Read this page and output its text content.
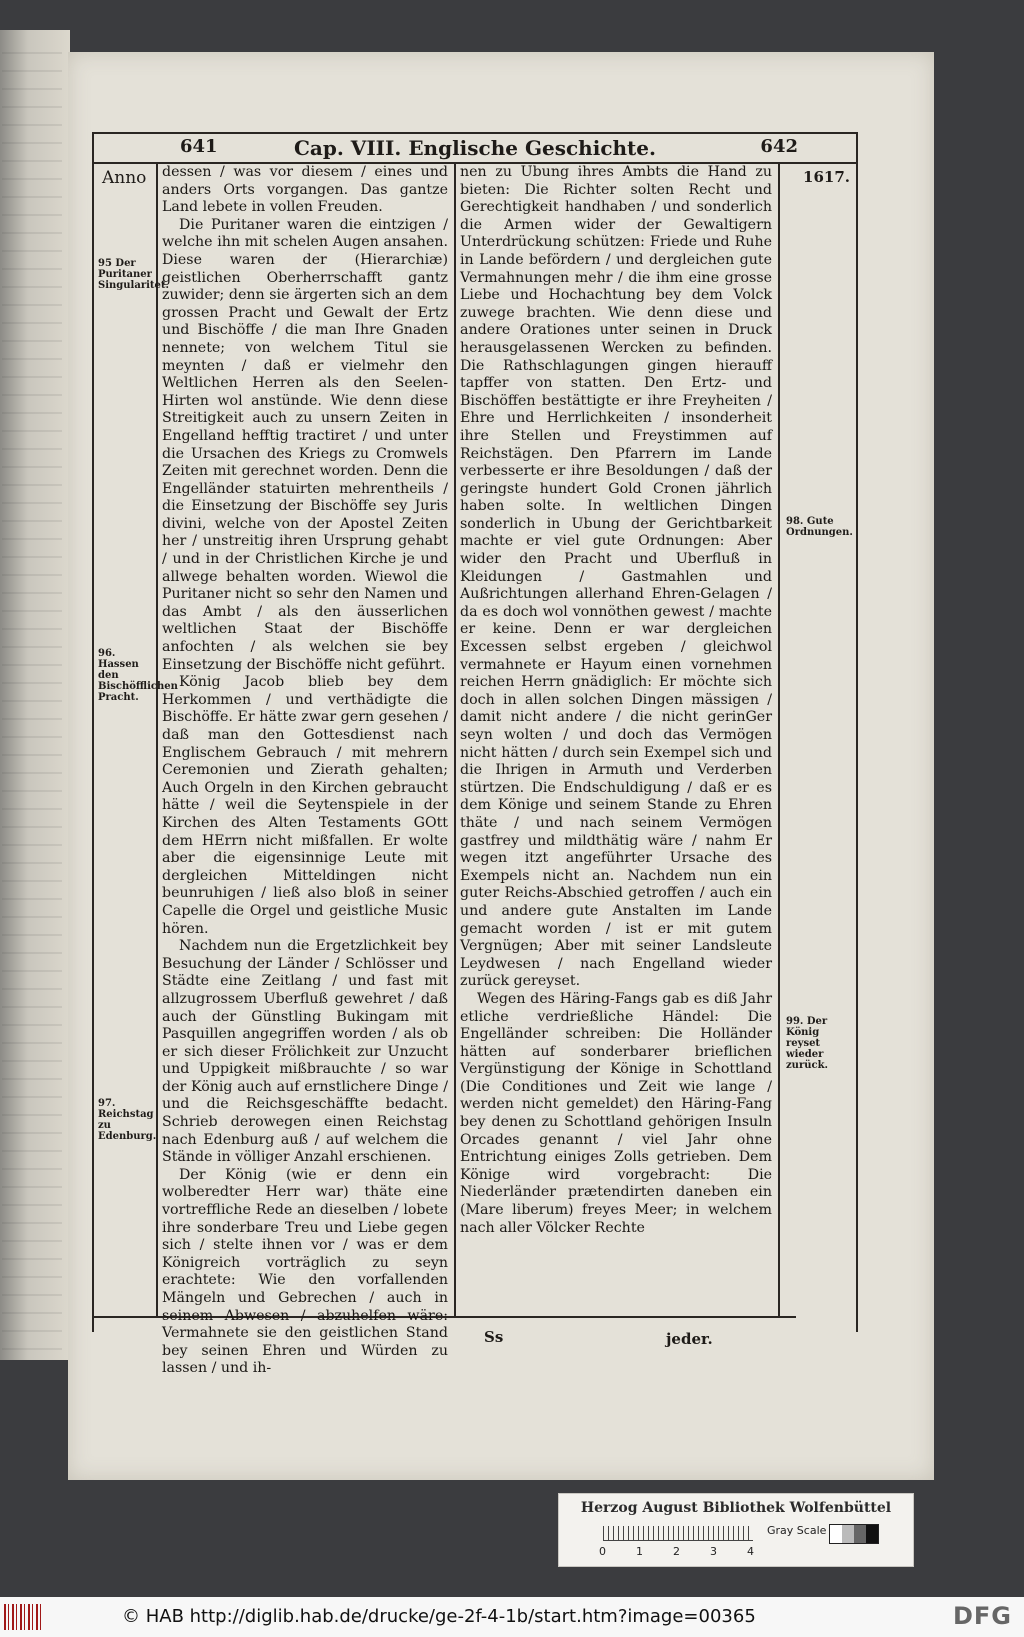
641	Cap. VIII. Englische Geschichte.	642
Anno	1617.
95 Der Puritaner Singularitet.
96. Hassen den Bischöfflichen Pracht.
97. Reichstag zu Edenburg.
98. Gute Ordnungen.
99. Der König reyset wieder zurück.

dessen / was vor diesem / eines und anders Orts vorgangen. Das gantze Land lebete in vollen Freuden.

Die Puritaner waren die eintzigen / welche ihn mit schelen Augen ansahen. Diese waren der (Hierarchiæ) geistlichen Oberherrschafft gantz zuwider; denn sie ärgerten sich an dem grossen Pracht und Gewalt der Ertz und Bischöffe / die man Ihre Gnaden nennete; von welchem Titul sie meynten / daß er vielmehr den Weltlichen Herren als den Seelen-Hirten wol anstünde. Wie denn diese Streitigkeit auch zu unsern Zeiten in Engelland hefftig tractiret / und unter die Ursachen des Kriegs zu Cromwels Zeiten mit gerechnet worden. Denn die Engelländer statuirten mehrentheils / die Einsetzung der Bischöffe sey Juris divini, welche von der Apostel Zeiten her / unstreitig ihren Ursprung gehabt / und in der Christlichen Kirche je und allwege behalten worden. Wiewol die Puritaner nicht so sehr den Namen und das Ambt / als den äusserlichen weltlichen Staat der Bischöffe anfochten / als welchen sie bey Einsetzung der Bischöffe nicht geführt.

König Jacob blieb bey dem Herkommen / und verthädigte die Bischöffe. Er hätte zwar gern gesehen / daß man den Gottesdienst nach Englischem Gebrauch / mit mehrern Ceremonien und Zierath gehalten; Auch Orgeln in den Kirchen gebraucht hätte / weil die Seytenspiele in der Kirchen des Alten Testaments GOtt dem HErrn nicht mißfallen. Er wolte aber die eigensinnige Leute mit dergleichen Mitteldingen nicht beunruhigen / ließ also bloß in seiner Capelle die Orgel und geistliche Music hören.

Nachdem nun die Ergetzlichkeit bey Besuchung der Länder / Schlösser und Städte eine Zeitlang / und fast mit allzugrossem Uberfluß gewehret / daß auch der Günstling Bukingam mit Pasquillen angegriffen worden / als ob er sich dieser Frölichkeit zur Unzucht und Uppigkeit mißbrauchte / so war der König auch auf ernstlichere Dinge / und die Reichsgeschäffte bedacht. Schrieb derowegen einen Reichstag nach Edenburg auß / auf welchem die Stände in völliger Anzahl erschienen.

Der König (wie er denn ein wolberedter Herr war) thäte eine vortreffliche Rede an dieselben / lobete ihre sonderbare Treu und Liebe gegen sich / stelte ihnen vor / was er dem Königreich vorträglich zu seyn erachtete: Wie den vorfallenden Mängeln und Gebrechen / auch in seinem Abwesen / abzuhelfen wäre: Vermahnete sie den geistlichen Stand bey seinen Ehren und Würden zu lassen / und ih-

nen zu Ubung ihres Ambts die Hand zu bieten: Die Richter solten Recht und Gerechtigkeit handhaben / und sonderlich die Armen wider der Gewaltigern Unterdrückung schützen: Friede und Ruhe in Lande befördern / und dergleichen gute Vermahnungen mehr / die ihm eine grosse Liebe und Hochachtung bey dem Volck zuwege brachten. Wie denn diese und andere Orationes unter seinen in Druck herausgelassenen Wercken zu befinden. Die Rathschlagungen gingen hierauff tapffer von statten. Den Ertz- und Bischöffen bestättigte er ihre Freyheiten / Ehre und Herrlichkeiten / insonderheit ihre Stellen und Freystimmen auf Reichstägen. Den Pfarrern im Lande verbesserte er ihre Besoldungen / daß der geringste hundert Gold Cronen jährlich haben solte. In weltlichen Dingen sonderlich in Ubung der Gerichtbarkeit machte er viel gute Ordnungen: Aber wider den Pracht und Uberfluß in Kleidungen / Gastmahlen und Außrichtungen allerhand Ehren-Gelagen / da es doch wol vonnöthen gewest / machte er keine. Denn er war dergleichen Excessen selbst ergeben / gleichwol vermahnete er Hayum einen vornehmen reichen Herrn gnädiglich: Er möchte sich doch in allen solchen Dingen mässigen / damit nicht andere / die nicht gerinGer seyn wolten / und doch das Vermögen nicht hätten / durch sein Exempel sich und die Ihrigen in Armuth und Verderben stürtzen. Die Endschuldigung / daß er es dem Könige und seinem Stande zu Ehren thäte / und nach seinem Vermögen gastfrey und mildthätig wäre / nahm Er wegen itzt angeführter Ursache des Exempels nicht an. Nachdem nun ein guter Reichs-Abschied getroffen / auch ein und andere gute Anstalten im Lande gemacht worden / ist er mit gutem Vergnügen; Aber mit seiner Landsleute Leydwesen / nach Engelland wieder zurück gereyset.

Wegen des Häring-Fangs gab es diß Jahr etliche verdrießliche Händel: Die Engelländer schreiben: Die Holländer hätten auf sonderbarer brieflichen Vergünstigung der Könige in Schottland (Die Conditiones und Zeit wie lange / werden nicht gemeldet) den Häring-Fang bey denen zu Schottland gehörigen Insuln Orcades genannt / viel Jahr ohne Entrichtung einiges Zolls getrieben. Dem Könige wird vorgebracht: Die Niederländer prætendirten daneben ein (Mare liberum) freyes Meer; in welchem nach aller Völcker Rechte

Ss	jeder.
Herzog August Bibliothek Wolfenbüttel
0	1	2	3	4
Gray Scale
© HAB http://diglib.hab.de/drucke/ge-2f-4-1b/start.htm?image=00365	DFG
